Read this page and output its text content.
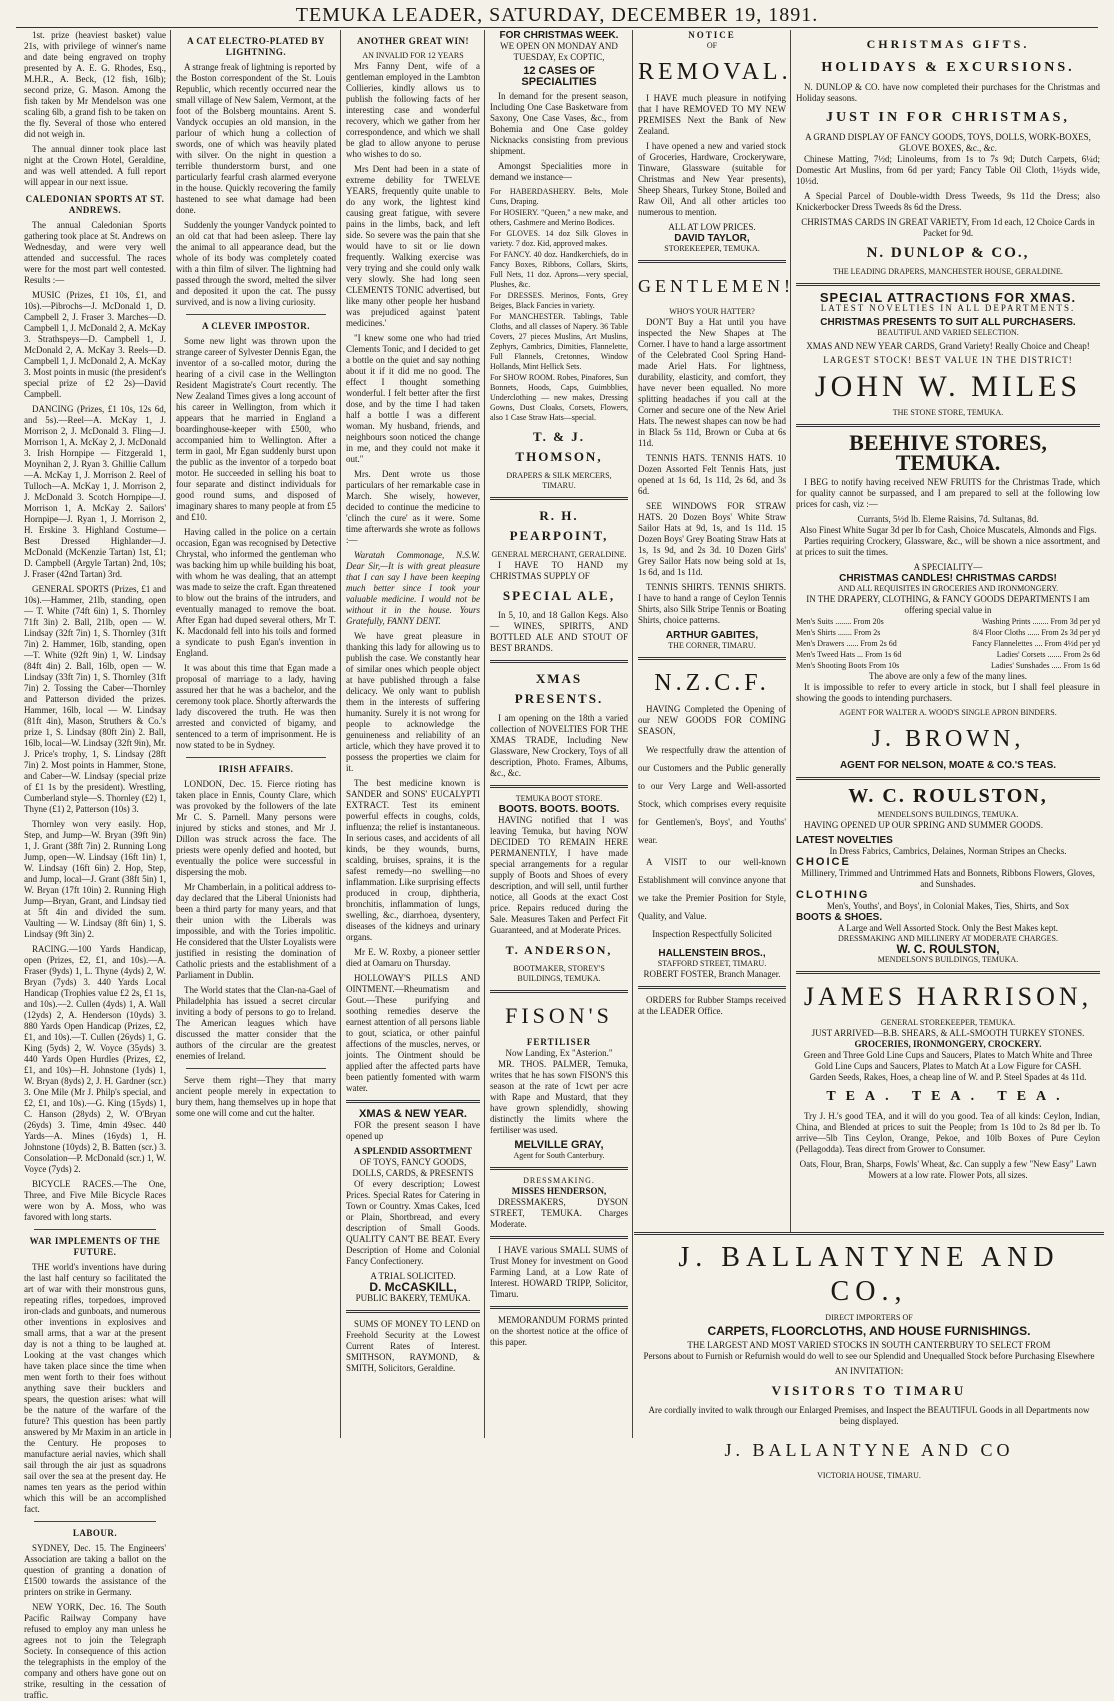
TEMUKA LEADER, SATURDAY, DECEMBER 19, 1891.

1st. prize (heaviest basket) value 21s, with privilege of winner's name and date being engraved on trophy presented by A. E. G. Rhodes, Esq., M.H.R., A. Beck, (12 fish, 16lb); second prize, G. Mason. Among the fish taken by Mr Mendelson was one scaling 6lb, a grand fish to be taken on the fly. Several of those who entered did not weigh in.

The annual dinner took place last night at the Crown Hotel, Geraldine, and was well attended. A full report will appear in our next issue.

CALEDONIAN SPORTS AT ST. ANDREWS.

The annual Caledonian Sports gathering took place at St. Andrews on Wednesday, and were very well attended and successful. The races were for the most part well contested. Results :—

MUSIC (Prizes, £1 10s, £1, and 10s).—Pibrochs—J. McDonald 1, D. Campbell 2, J. Fraser 3. Marches—D. Campbell 1, J. McDonald 2, A. McKay 3. Strathspeys—D. Campbell 1, J. McDonald 2, A. McKay 3. Reels—D. Campbell 1, J. McDonald 2, A. McKay 3. Most points in music (the president's special prize of £2 2s)—David Campbell.

DANCING (Prizes, £1 10s, 12s 6d, and 5s).—Reel—A. McKay 1, J. Morrison 2, J. McDonald 3. Fling—J. Morrison 1, A. McKay 2, J. McDonald 3. Irish Hornpipe — Fitzgerald 1, Moynihan 2, J. Ryan 3. Ghillie Callum—A. McKay 1, J. Morrison 2. Reel of Tulloch—A. McKay 1, J. Morrison 2, J. McDonald 3. Scotch Hornpipe—J. Morrison 1, A. McKay 2. Sailors' Hornpipe—J. Ryan 1, J. Morrison 2, H. Erskine 3. Highland Costume—Best Dressed Highlander—J. McDonald (McKenzie Tartan) 1st, £1; D. Campbell (Argyle Tartan) 2nd, 10s; J. Fraser (42nd Tartan) 3rd.

GENERAL SPORTS (Prizes, £1 and 10s).—Hammer, 21lb, standing, open — T. White (74ft 6in) 1, S. Thornley 71ft 3in) 2. Ball, 21lb, open — W. Lindsay (32ft 7in) 1, S. Thornley (31ft 7in) 2. Hammer, 16lb, standing, open—T. White (92ft 9in) 1, W. Lindsay (84ft 4in) 2. Ball, 16lb, open — W. Lindsay (33ft 7in) 1, S. Thornley (31ft 7in) 2. Tossing the Caber—Thornley and Patterson divided the prizes. Hammer, 16lb, local — W. Lindsay (81ft 4in), Mason, Struthers & Co.'s prize 1, S. Lindsay (80ft 2in) 2. Ball, 16lb, local—W. Lindsay (32ft 9in), Mr. J. Price's trophy, 1, S. Lindsay (28ft 7in) 2. Most points in Hammer, Stone, and Caber—W. Lindsay (special prize of £1 1s by the president). Wrestling, Cumberland style—S. Thornley (£2) 1, Thyne (£1) 2, Patterson (10s) 3.

Thornley won very easily. Hop, Step, and Jump—W. Bryan (39ft 9in) 1, J. Grant (38ft 7in) 2. Running Long Jump, open—W. Lindsay (16ft 1in) 1, W. Lindsay (16ft 6in) 2. Hop, Step, and Jump, local—J. Grant (38ft 5in) 1, W. Bryan (17ft 10in) 2. Running High Jump—Bryan, Grant, and Lindsay tied at 5ft 4in and divided the sum. Vaulting — W. Lindsay (8ft 6in) 1, S. Lindsay (9ft 3in) 2.

RACING.—100 Yards Handicap, open (Prizes, £2, £1, and 10s).—A. Fraser (9yds) 1, L. Thyne (4yds) 2, W. Bryan (7yds) 3. 440 Yards Local Handicap (Trophies value £2 2s, £1 1s, and 10s).—2. Cullen (4yds) 1, A. Wall (12yds) 2, A. Henderson (10yds) 3. 880 Yards Open Handicap (Prizes, £2, £1, and 10s).—T. Cullen (26yds) 1, G. King (5yds) 2, W. Voyce (35yds) 3. 440 Yards Open Hurdles (Prizes, £2, £1, and 10s)—H. Johnstone (1yds) 1, W. Bryan (8yds) 2, J. H. Gardner (scr.) 3. One Mile (Mr J. Philp's special, and £2, £1, and 10s).—G. King (15yds) 1, C. Hanson (28yds) 2, W. O'Bryan (26yds) 3. Time, 4min 49sec. 440 Yards—A. Mines (16yds) 1, H. Johnstone (10yds) 2, B. Batten (scr.) 3. Consolation—P. McDonald (scr.) 1, W. Voyce (7yds) 2.

BICYCLE RACES.—The One, Three, and Five Mile Bicycle Races were won by A. Moss, who was favored with long starts.

WAR IMPLEMENTS OF THE FUTURE.

THE world's inventions have during the last half century so facilitated the art of war with their monstrous guns, repeating rifles, torpedoes, improved iron-clads and gunboats, and numerous other inventions in explosives and small arms, that a war at the present day is not a thing to be laughed at. Looking at the vast changes which have taken place since the time when men went forth to their foes without anything save their bucklers and spears, the question arises: what will be the nature of the warfare of the future? This question has been partly answered by Mr Maxim in an article in the Century. He proposes to manufacture aerial navies, which shall sail through the air just as squadrons sail over the sea at the present day. He names ten years as the period within which this will be an accomplished fact.

LABOUR.

SYDNEY, Dec. 15. The Engineers' Association are taking a ballot on the question of granting a donation of £1500 towards the assistance of the printers on strike in Germany.

NEW YORK, Dec. 16. The South Pacific Railway Company have refused to employ any man unless he agrees not to join the Telegraph Society. In consequence of this action the telegraphists in the employ of the company and others have gone out on strike, resulting in the cessation of traffic.

A CAT ELECTRO-PLATED BY LIGHTNING.

A strange freak of lightning is reported by the Boston correspondent of the St. Louis Republic, which recently occurred near the small village of New Salem, Vermont, at the foot of the Bolsberg mountains. Arent S. Vandyck occupies an old mansion, in the parlour of which hung a collection of swords, one of which was heavily plated with silver. On the night in question a terrible thunderstorm burst, and one particularly fearful crash alarmed everyone in the house. Quickly recovering the family hastened to see what damage had been done.

Suddenly the younger Vandyck pointed to an old cat that had been asleep. There lay the animal to all appearance dead, but the whole of its body was completely coated with a thin film of silver. The lightning had passed through the sword, melted the silver and deposited it upon the cat. The pussy survived, and is now a living curiosity.

A CLEVER IMPOSTOR.

Some new light was thrown upon the strange career of Sylvester Dennis Egan, the inventor of a so-called motor, during the hearing of a civil case in the Wellington Resident Magistrate's Court recently. The New Zealand Times gives a long account of his career in Wellington, from which it appears that he married in England a boardinghouse-keeper with £500, who accompanied him to Wellington. After a term in gaol, Mr Egan suddenly burst upon the public as the inventor of a torpedo boat motor. He succeeded in selling his boat to four separate and distinct individuals for good round sums, and disposed of imaginary shares to many people at from £5 and £10.

Having called in the police on a certain occasion, Egan was recognised by Detective Chrystal, who informed the gentleman who was backing him up while building his boat, with whom he was dealing, that an attempt was made to seize the craft. Egan threatened to blow out the brains of the intruders, and eventually managed to remove the boat. After Egan had duped several others, Mr T. K. Macdonald fell into his toils and formed a syndicate to push Egan's invention in England.

It was about this time that Egan made a proposal of marriage to a lady, having assured her that he was a bachelor, and the ceremony took place. Shortly afterwards the lady discovered the truth. He was then arrested and convicted of bigamy, and sentenced to a term of imprisonment. He is now stated to be in Sydney.

IRISH AFFAIRS.

LONDON, Dec. 15. Fierce rioting has taken place in Ennis, County Clare, which was provoked by the followers of the late Mr C. S. Parnell. Many persons were injured by sticks and stones, and Mr J. Dillon was struck across the face. The priests were openly defied and hooted, but eventually the police were successful in dispersing the mob.

Mr Chamberlain, in a political address to-day declared that the Liberal Unionists had been a third party for many years, and that their union with the Liberals was impossible, and with the Tories impolitic. He considered that the Ulster Loyalists were justified in resisting the domination of Catholic priests and the establishment of a Parliament in Dublin.

The World states that the Clan-na-Gael of Philadelphia has issued a secret circular inviting a body of persons to go to Ireland. The American leagues which have discussed the matter consider that the authors of the circular are the greatest enemies of Ireland.

Serve them right—They that marry ancient people merely in expectation to bury them, hang themselves up in hope that some one will come and cut the halter.

ANOTHER GREAT WIN!
AN INVALID FOR 12 YEARS

Mrs Fanny Dent, wife of a gentleman employed in the Lambton Collieries, kindly allows us to publish the following facts of her interesting case and wonderful recovery, which we gather from her correspondence, and which we shall be glad to allow anyone to peruse who wishes to do so.

Mrs Dent had been in a state of extreme debility for TWELVE YEARS, frequently quite unable to do any work, the lightest kind causing great fatigue, with severe pains in the limbs, back, and left side. So severe was the pain that she would have to sit or lie down frequently. Walking exercise was very trying and she could only walk very slowly. She had long seen CLEMENTS TONIC advertised, but like many other people her husband was prejudiced against 'patent medicines.'

"I knew some one who had tried Clements Tonic, and I decided to get a bottle on the quiet and say nothing about it if it did me no good. The effect I thought something wonderful. I felt better after the first dose, and by the time I had taken half a bottle I was a different woman. My husband, friends, and neighbours soon noticed the change in me, and they could not make it out."

Mrs. Dent wrote us those particulars of her remarkable case in March. She wisely, however, decided to continue the medicine to 'clinch the cure' as it were. Some time afterwards she wrote as follows :—

Waratah Commonage, N.S.W. Dear Sir,—It is with great pleasure that I can say I have been keeping much better since I took your valuable medicine. I would not be without it in the house. Yours Gratefully, FANNY DENT.

We have great pleasure in thanking this lady for allowing us to publish the case. We constantly hear of similar ones which people object at have published through a false delicacy. We only want to publish them in the interests of suffering humanity. Surely it is not wrong for people to acknowledge the genuineness and reliability of an article, which they have proved it to possess the properties we claim for it.

The best medicine known is SANDER and SONS' EUCALYPTI EXTRACT. Test its eminent powerful effects in coughs, colds, influenza; the relief is instantaneous. In serious cases, and accidents of all kinds, be they wounds, burns, scalding, bruises, sprains, it is the safest remedy—no swelling—no inflammation. Like surprising effects produced in croup, diphtheria, bronchitis, inflammation of lungs, swelling, &c., diarrhoea, dysentery, diseases of the kidneys and urinary organs.

Mr E. W. Roxby, a pioneer settler died at Oamaru on Thursday.

HOLLOWAY'S PILLS AND OINTMENT.—Rheumatism and Gout.—These purifying and soothing remedies deserve the earnest attention of all persons liable to gout, sciatica, or other painful affections of the muscles, nerves, or joints. The Ointment should be applied after the affected parts have been patiently fomented with warm water.

XMAS & NEW YEAR.

FOR the present season I have opened up

A SPLENDID ASSORTMENT
OF TOYS, FANCY GOODS, DOLLS, CARDS, & PRESENTS

Of every description; Lowest Prices. Special Rates for Catering in Town or Country. Xmas Cakes, Iced or Plain, Shortbread, and every description of Small Goods. QUALITY CAN'T BE BEAT. Every Description of Home and Colonial Fancy Confectionery.

A TRIAL SOLICITED.
D. McCASKILL,
PUBLIC BAKERY, TEMUKA.

SUMS OF MONEY TO LEND on Freehold Security at the Lowest Current Rates of Interest. SMITHSON, RAYMOND, & SMITH, Solicitors, Geraldine.

FOR CHRISTMAS WEEK.
WE OPEN ON MONDAY AND TUESDAY, Ex COPTIC,
12 CASES OF SPECIALITIES

In demand for the present season, Including One Case Basketware from Saxony, One Case Vases, &c., from Bohemia and One Case goldey Nicknacks consisting from previous shipment.

Amongst Specialities more in demand we instance—

For HABERDASHERY. Belts, Mole Cuns, Draping.
For HOSIERY. "Queen," a new make, and others, Cashmere and Merino Bodices.
For GLOVES. 14 doz Silk Gloves in variety. 7 doz. Kid, approved makes.
For FANCY. 40 doz. Handkerchiefs, do in Fancy Boxes, Ribbons, Collars, Skirts, Full Nets, 11 doz. Aprons—very special, Plushes, &c.
For DRESSES. Merinos, Fonts, Grey Beiges, Black Fancies in variety.
For MANCHESTER. Tablings, Table Cloths, and all classes of Napery. 36 Table Covers, 27 pieces Muslins, Art Muslins, Zephyrs, Cambrics, Dimities, Flannelette, Full Flannels, Cretonnes, Window Hollands, Mint Hellick Sets.
For SHOW ROOM. Robes, Pinafores, Sun Bonnets, Hoods, Caps, Guimbblies, Underclothing — new makes, Dressing Gowns, Dust Cloaks, Corsets, Flowers, also 1 Case Straw Hats—special.
T. & J. THOMSON,
DRAPERS & SILK MERCERS, TIMARU.
R. H. PEARPOINT,
GENERAL MERCHANT, GERALDINE.

I HAVE TO HAND my CHRISTMAS SUPPLY OF

SPECIAL ALE,

In 5, 10, and 18 Gallon Kegs. Also— WINES, SPIRITS, AND BOTTLED ALE AND STOUT OF BEST BRANDS.

XMAS PRESENTS.

I am opening on the 18th a varied collection of NOVELTIES FOR THE XMAS TRADE, Including New Glassware, New Crockery, Toys of all description, Photo. Frames, Albums, &c., &c.

TEMUKA BOOT STORE.
BOOTS. BOOTS. BOOTS.

HAVING notified that I was leaving Temuka, but having NOW DECIDED TO REMAIN HERE PERMANENTLY, I have made special arrangements for a regular supply of Boots and Shoes of every description, and will sell, until further notice, all Goods at the exact Cost price. Repairs reduced during the Sale. Measures Taken and Perfect Fit Guaranteed, and at Moderate Prices.

T. ANDERSON,
BOOTMAKER, STOREY'S BUILDINGS, TEMUKA.
FISON'S
FERTILISER
Now Landing, Ex "Asterion."

MR. THOS. PALMER, Temuka, writes that he has sown FISON'S this season at the rate of 1cwt per acre with Rape and Mustard, that they have grown splendidly, showing distinctly the limits where the fertiliser was used.

MELVILLE GRAY,
Agent for South Canterbury.
DRESSMAKING.
MISSES HENDERSON,

DRESSMAKERS, DYSON STREET, TEMUKA. Charges Moderate.

I HAVE various SMALL SUMS of Trust Money for investment on Good Farming Land, at a Low Rate of Interest. HOWARD TRIPP, Solicitor, Timaru.

MEMORANDUM FORMS printed on the shortest notice at the office of this paper.

NOTICE
OF
REMOVAL.

I HAVE much pleasure in notifying that I have REMOVED TO MY NEW PREMISES Next the Bank of New Zealand.

I have opened a new and varied stock of Groceries, Hardware, Crockeryware, Tinware, Glassware (suitable for Christmas and New Year presents), Sheep Shears, Turkey Stone, Boiled and Raw Oil, And all other articles too numerous to mention.

ALL AT LOW PRICES.
DAVID TAYLOR,
STOREKEEPER, TEMUKA.
GENTLEMEN!
WHO'S YOUR HATTER?

DON'T Buy a Hat until you have inspected the New Shapes at The Corner. I have to hand a large assortment of the Celebrated Cool Spring Hand-made Ariel Hats. For lightness, durability, elasticity, and comfort, they have never been equalled. No more splitting headaches if you call at the Corner and secure one of the New Ariel Hats. The newest shapes can now be had in Black 5s 11d, Brown or Cuba at 6s 11d.

TENNIS HATS. TENNIS HATS. 10 Dozen Assorted Felt Tennis Hats, just opened at 1s 6d, 1s 11d, 2s 6d, and 3s 6d.

SEE WINDOWS FOR STRAW HATS. 20 Dozen Boys' White Straw Sailor Hats at 9d, 1s, and 1s 11d. 15 Dozen Boys' Grey Boating Straw Hats at 1s, 1s 9d, and 2s 3d. 10 Dozen Girls' Grey Sailor Hats now being sold at 1s, 1s 6d, and 1s 11d.

TENNIS SHIRTS. TENNIS SHIRTS. I have to hand a range of Ceylon Tennis Shirts, also Silk Stripe Tennis or Boating Shirts, choice patterns.

ARTHUR GABITES,
THE CORNER, TIMARU.
N.Z.C.F.

HAVING Completed the Opening of our NEW GOODS FOR COMING SEASON,

We respectfully draw the attention of our Customers and the Public generally to our Very Large and Well-assorted Stock, which comprises every requisite for Gentlemen's, Boys', and Youths' wear.

A VISIT to our well-known Establishment will convince anyone that we take the Premier Position for Style, Quality, and Value.

Inspection Respectfully Solicited
HALLENSTEIN BROS.,
STAFFORD STREET, TIMARU.
ROBERT FOSTER, Branch Manager.

ORDERS for Rubber Stamps received at the LEADER Office.

CHRISTMAS GIFTS.
HOLIDAYS & EXCURSIONS.

N. DUNLOP & CO. have now completed their purchases for the Christmas and Holiday seasons.

JUST IN FOR CHRISTMAS,
A GRAND DISPLAY OF FANCY GOODS, TOYS, DOLLS, WORK-BOXES, GLOVE BOXES, &c., &c.

Chinese Matting, 7½d; Linoleums, from 1s to 7s 9d; Dutch Carpets, 6¼d; Domestic Art Muslins, from 6d per yard; Fancy Table Oil Cloth, 1½yds wide, 10½d.

A Special Parcel of Double-width Dress Tweeds, 9s 11d the Dress; also Knickerbocker Dress Tweeds 8s 6d the Dress.

CHRISTMAS CARDS IN GREAT VARIETY, From 1d each, 12 Choice Cards in Packet for 9d.
N. DUNLOP & CO.,
THE LEADING DRAPERS, MANCHESTER HOUSE, GERALDINE.
SPECIAL ATTRACTIONS FOR XMAS.
LATEST NOVELTIES IN ALL DEPARTMENTS.
CHRISTMAS PRESENTS TO SUIT ALL PURCHASERS.
BEAUTIFUL AND VARIED SELECTION.
XMAS AND NEW YEAR CARDS, Grand Variety! Really Choice and Cheap!
LARGEST STOCK! BEST VALUE IN THE DISTRICT!
JOHN W. MILES
THE STONE STORE, TEMUKA.
BEEHIVE STORES, TEMUKA.

I BEG to notify having received NEW FRUITS for the Christmas Trade, which for quality cannot be surpassed, and I am prepared to sell at the following low prices for cash, viz :—

Currants, 5½d lb. Eleme Raisins, 7d. Sultanas, 8d.
Also Finest White Sugar 3d per lb for Cash, Choice Muscatels, Almonds and Figs.

Parties requiring Crockery, Glassware, &c., will be shown a nice assortment, and at prices to suit the times.

A SPECIALITY—
CHRISTMAS CANDLES! CHRISTMAS CARDS!
AND ALL REQUISITES IN GROCERIES AND IRONMONGERY.
IN THE DRAPERY, CLOTHING, & FANCY GOODS DEPARTMENTS I am offering special value in
Men's Suits ........ From 20s	Washing Prints ........ From 3d per yd
Men's Shirts ....... From 2s	8/4 Floor Cloths ...... From 2s 3d per yd
Men's Drawers ...... From 2s 6d	Fancy Flannelettes .... From 4½d per yd
Men's Tweed Hats ... From 1s 6d	Ladies' Corsets ....... From 2s 6d
Men's Shooting Boots From 10s	Ladies' Sunshades ..... From 1s 6d
The above are only a few of the many lines.

It is impossible to refer to every article in stock, but I shall feel pleasure in showing the goods to intending purchasers.

AGENT FOR WALTER A. WOOD'S SINGLE APRON BINDERS.
J. BROWN,
AGENT FOR NELSON, MOATE & CO.'S TEAS.
W. C. ROULSTON,
MENDELSON'S BUILDINGS, TEMUKA.

HAVING OPENED UP OUR SPRING AND SUMMER GOODS.

LATEST NOVELTIES
In Dress Fabrics, Cambrics, Delaines, Norman Stripes an Checks.
CHOICE
Millinery, Trimmed and Untrimmed Hats and Bonnets, Ribbons Flowers, Gloves, and Sunshades.
CLOTHING
Men's, Youths', and Boys', in Colonial Makes, Ties, Shirts, and Sox
BOOTS & SHOES.
A Large and Well Assorted Stock. Only the Best Makes kept.
DRESSMAKING AND MILLINERY AT MODERATE CHARGES.
W. C. ROULSTON,
MENDELSON'S BUILDINGS, TEMUKA.
JAMES HARRISON,
GENERAL STOREKEEPER, TEMUKA.
JUST ARRIVED—B.B. SHEARS, & ALL-SMOOTH TURKEY STONES.
GROCERIES, IRONMONGERY, CROCKERY.
Green and Three Gold Line Cups and Saucers, Plates to Match White and Three Gold Line Cups and Saucers, Plates to Match At a Low Figure for CASH.
Garden Seeds, Rakes, Hoes, a cheap line of W. and P. Steel Spades at 4s 11d.
TEA. TEA. TEA.

Try J. H.'s good TEA, and it will do you good. Tea of all kinds: Ceylon, Indian, China, and Blended at prices to suit the People; from 1s 10d to 2s 8d per lb. To arrive—5lb Tins Ceylon, Orange, Pekoe, and 10lb Boxes of Pure Ceylon (Pellagodda). Teas direct from Grower to Consumer.

Oats, Flour, Bran, Sharps, Fowls' Wheat, &c. Can supply a few "New Easy" Lawn Mowers at a low rate. Flower Pots, all sizes.
J. BALLANTYNE AND CO.,
DIRECT IMPORTERS OF
CARPETS, FLOORCLOTHS, AND HOUSE FURNISHINGS.
THE LARGEST AND MOST VARIED STOCKS IN SOUTH CANTERBURY TO SELECT FROM
Persons about to Furnish or Refurnish would do well to see our Splendid and Unequalled Stock before Purchasing Elsewhere
AN INVITATION:
VISITORS TO TIMARU
Are cordially invited to walk through our Enlarged Premises, and Inspect the BEAUTIFUL Goods in all Departments now being displayed.
J. BALLANTYNE AND CO
VICTORIA HOUSE, TIMARU.
